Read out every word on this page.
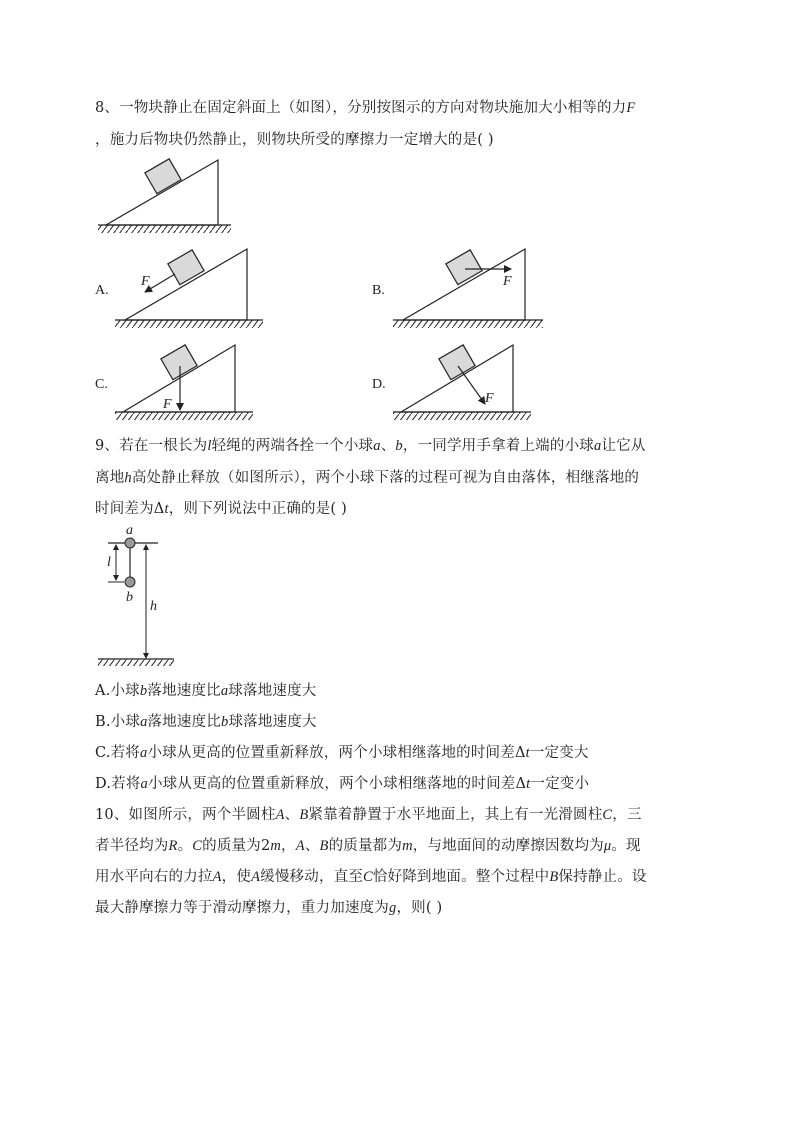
8、一物块静止在固定斜面上（如图），分别按图示的方向对物块施加大小相等的力F
，施力后物块仍然静止，则物块所受的摩擦力一定增大的是( )
A.
F
B.
F
C.
F
D.
F
9、若在一根长为l轻绳的两端各拴一个小球a、b，一同学用手拿着上端的小球a让它从
离地h高处静止释放（如图所示），两个小球下落的过程可视为自由落体，相继落地的
时间差为Δt，则下列说法中正确的是( )
a
b
l
h
A.小球b落地速度比a球落地速度大
B.小球a落地速度比b球落地速度大
C.若将a小球从更高的位置重新释放，两个小球相继落地的时间差Δt一定变大
D.若将a小球从更高的位置重新释放，两个小球相继落地的时间差Δt一定变小
10、如图所示，两个半圆柱A、B紧靠着静置于水平地面上，其上有一光滑圆柱C，三
者半径均为R。C的质量为2m，A、B的质量都为m，与地面间的动摩擦因数均为μ。现
用水平向右的力拉A，使A缓慢移动，直至C恰好降到地面。整个过程中B保持静止。设
最大静摩擦力等于滑动摩擦力，重力加速度为g，则( )
